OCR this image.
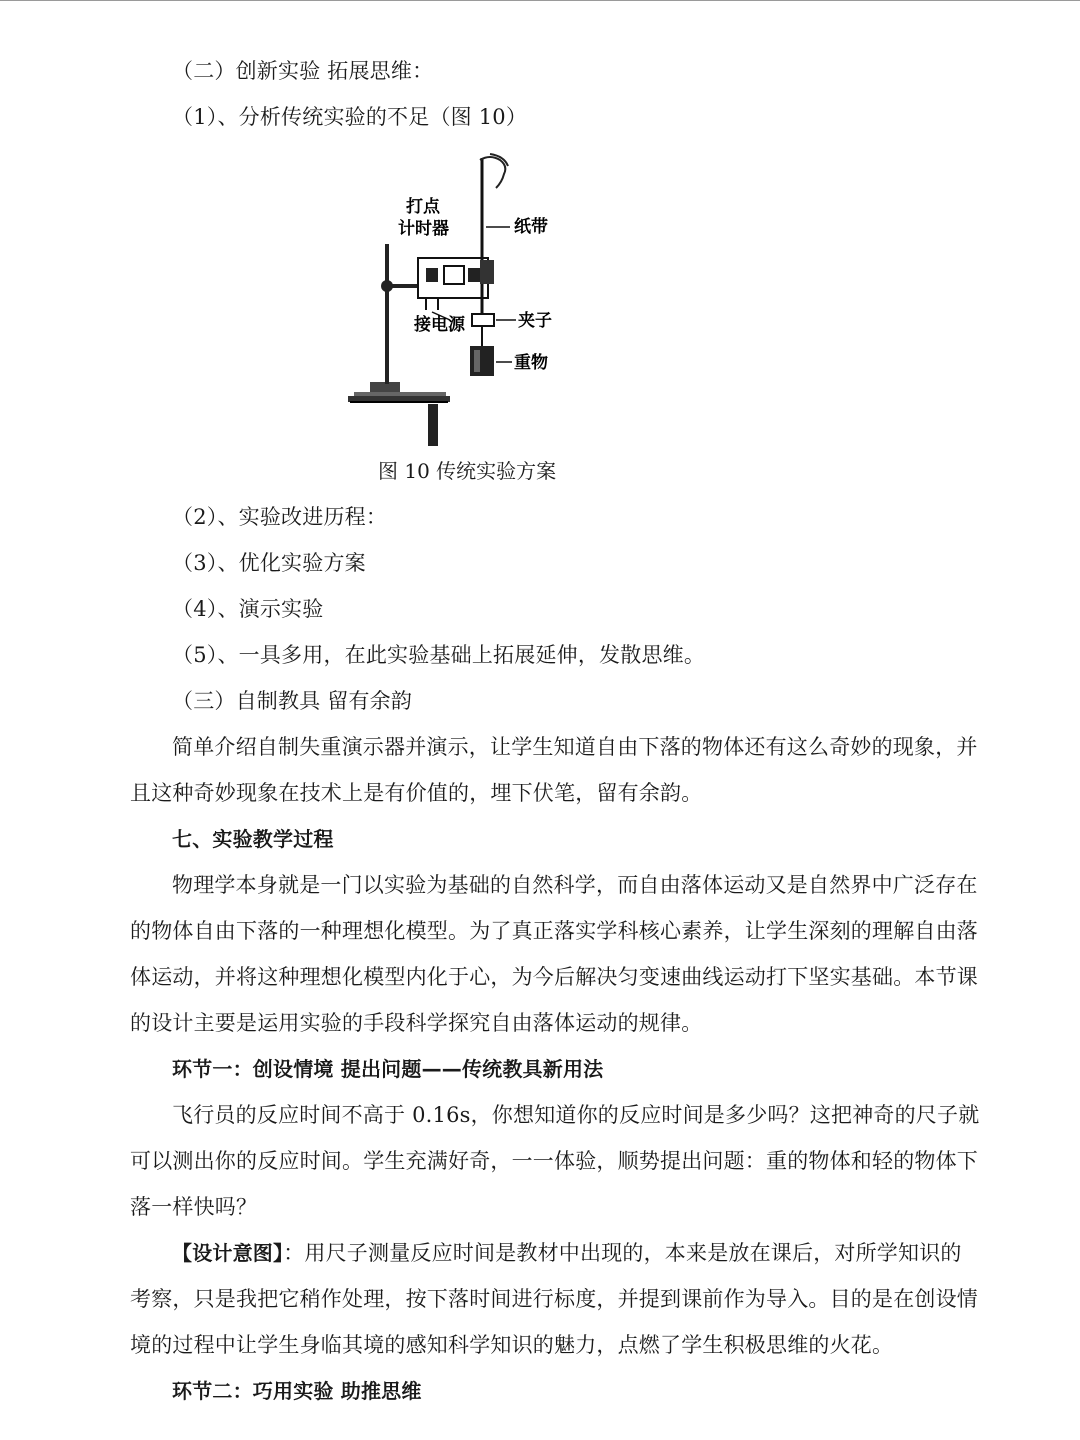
（二）创新实验 拓展思维：
（1）、分析传统实验的不足（图 10）
打点
计时器	纸带
接电源	夹子
重物
图 10 传统实验方案
（2）、实验改进历程：
（3）、优化实验方案
（4）、演示实验
（5）、一具多用，在此实验基础上拓展延伸，发散思维。
（三）自制教具 留有余韵
简单介绍自制失重演示器并演示，让学生知道自由下落的物体还有这么奇妙的现象，并
且这种奇妙现象在技术上是有价值的，埋下伏笔，留有余韵。
七、实验教学过程
物理学本身就是一门以实验为基础的自然科学，而自由落体运动又是自然界中广泛存在
的物体自由下落的一种理想化模型。为了真正落实学科核心素养，让学生深刻的理解自由落
体运动，并将这种理想化模型内化于心，为今后解决匀变速曲线运动打下坚实基础。本节课
的设计主要是运用实验的手段科学探究自由落体运动的规律。
环节一：创设情境 提出问题——传统教具新用法
飞行员的反应时间不高于 0.16s，你想知道你的反应时间是多少吗？这把神奇的尺子就
可以测出你的反应时间。学生充满好奇，一一体验，顺势提出问题：重的物体和轻的物体下
落一样快吗？
【设计意图】：用尺子测量反应时间是教材中出现的，本来是放在课后，对所学知识的
考察，只是我把它稍作处理，按下落时间进行标度，并提到课前作为导入。目的是在创设情
境的过程中让学生身临其境的感知科学知识的魅力，点燃了学生积极思维的火花。
环节二：巧用实验 助推思维
